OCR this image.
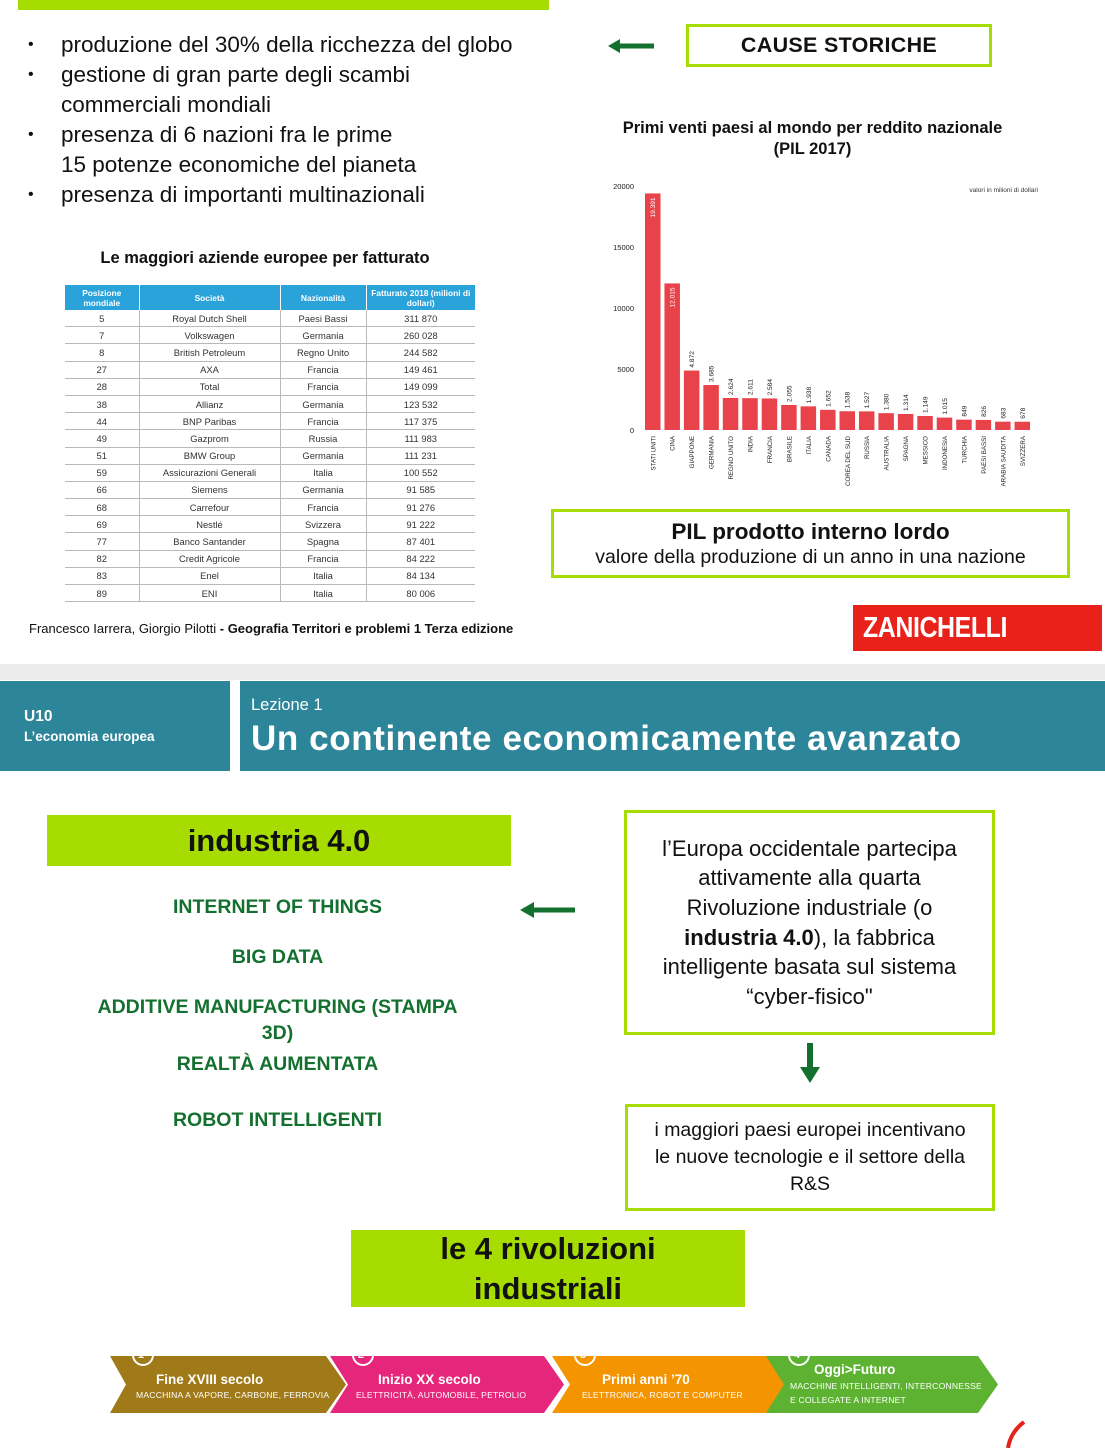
• produzione del 30% della ricchezza del globo
• gestione di gran parte degli scambi
commerciali mondiali
• presenza di 6 nazioni fra le prime
15 potenze economiche del pianeta
• presenza di importanti multinazionali
CAUSE STORICHE
Le maggiori aziende europee per fatturato
Posizione mondiale	Società	Nazionalità	Fatturato 2018 (milioni di dollari)
5	Royal Dutch Shell	Paesi Bassi	311 870
7	Volkswagen	Germania	260 028
8	British Petroleum	Regno Unito	244 582
27	AXA	Francia	149 461
28	Total	Francia	149 099
38	Allianz	Germania	123 532
44	BNP Paribas	Francia	117 375
49	Gazprom	Russia	111 983
51	BMW Group	Germania	111 231
59	Assicurazioni Generali	Italia	100 552
66	Siemens	Germania	91 585
68	Carrefour	Francia	91 276
69	Nestlé	Svizzera	91 222
77	Banco Santander	Spagna	87 401
82	Credit Agricole	Francia	84 222
83	Enel	Italia	84 134
89	ENI	Italia	80 006
Primi venti paesi al mondo per reddito nazionale
(PIL 2017)
0
5000
10000
15000
20000	valori in milioni di dollari
19.391
STATI UNITI
12.015
CINA
4.872
GIAPPONE
3.685
GERMANIA
2.624
REGNO UNITO
2.611
INDIA
2.584
FRANCIA
2.055
BRASILE
1.938
ITALIA
1.652
CANADA
1.538
COREA DEL SUD
1.527
RUSSIA
1.380
AUSTRALIA
1.314
SPAGNA
1.149
MESSICO
1.015
INDONESIA
849
TURCHIA
826
PAESI BASSI
683
ARABIA SAUDITA
678
SVIZZERA
PIL prodotto interno lordo
valore della produzione di un anno in una nazione
Francesco Iarrera, Giorgio Pilotti - Geografia Territori e problemi 1 Terza edizione	ZANICHELLI
U10
L’economia europea
Lezione 1
Un continente economicamente avanzato
industria 4.0
INTERNET OF THINGS
BIG DATA
ADDITIVE MANUFACTURING (STAMPA
3D)
REALTÀ AUMENTATA
ROBOT INTELLIGENTI
l’Europa occidentale partecipa attivamente alla quarta Rivoluzione industriale (o industria 4.0), la fabbrica intelligente basata sul sistema “cyber-fisico"
i maggiori paesi europei incentivano le nuove tecnologie e il settore della R&S
le 4 rivoluzioni
industriali
1ª
Fine XVIII secolo
MACCHINA A VAPORE, CARBONE, FERROVIA
2ª
Inizio XX secolo
ELETTRICITÀ, AUTOMOBILE, PETROLIO
3ª
Primi anni ’70
ELETTRONICA, ROBOT E COMPUTER
4ª
Oggi>Futuro
MACCHINE INTELLIGENTI, INTERCONNESSE
E COLLEGATE A INTERNET
